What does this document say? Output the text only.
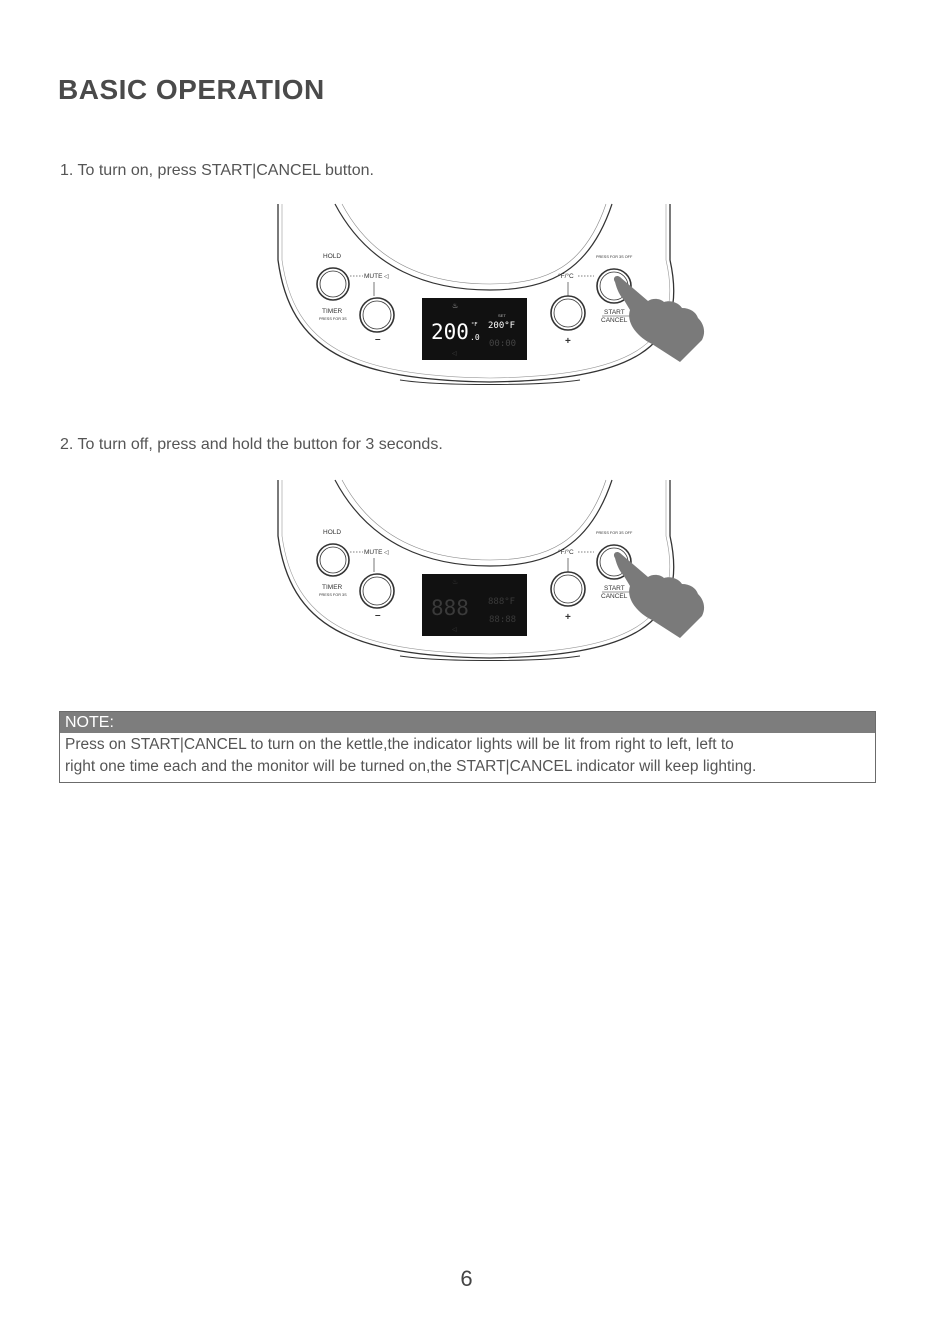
BASIC OPERATION

1. To turn on, press START|CANCEL button.

HOLD
MUTE ◁
TIMER
PRESS FOR 3S
–
♨
200 °F
.0
SET
200°F
00:00
◁
°F/°C
+
PRESS FOR 3S OFF
START
CANCEL

2. To turn off, press and hold the button for 3 seconds.

HOLD
MUTE ◁
TIMER
PRESS FOR 3S
–
♨
888 888°F
88:88
◁
°F/°C
+
PRESS FOR 3S OFF
START
CANCEL
NOTE:
Press on START|CANCEL to turn on the kettle,the indicator lights will be lit from right to left, left to
right one time each and the monitor will be turned on,the START|CANCEL indicator will keep lighting.
6
